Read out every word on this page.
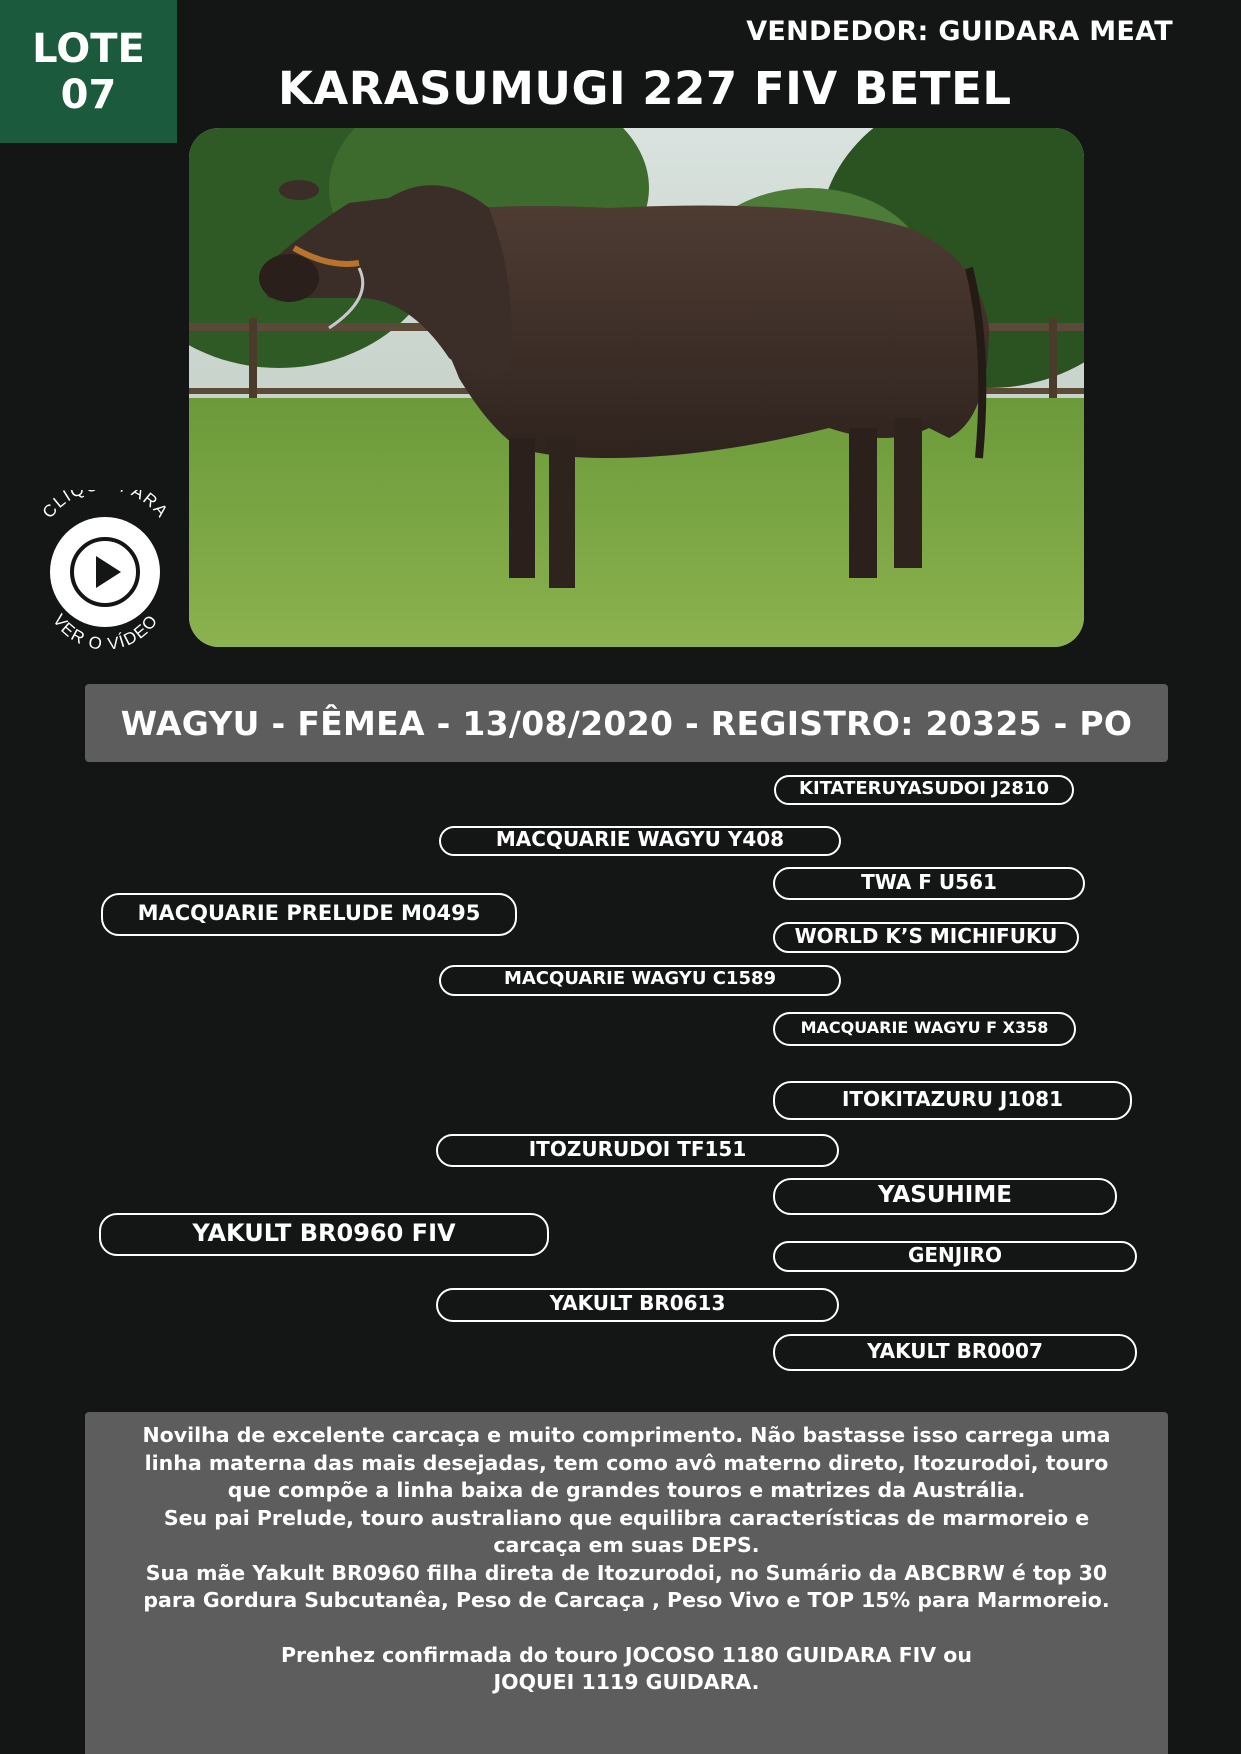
LOTE
07
VENDEDOR: GUIDARA MEAT
KARASUMUGI 227 FIV BETEL
CLIQ ARA
VER O VÍDEO
WAGYU - FÊMEA - 13/08/2020 - REGISTRO: 20325 - PO
KITATERUYASUDOI J2810
MACQUARIE WAGYU Y408
TWA F U561
MACQUARIE PRELUDE M0495
WORLD K’S MICHIFUKU
MACQUARIE WAGYU C1589
MACQUARIE WAGYU F X358
ITOKITAZURU J1081
ITOZURUDOI TF151
YASUHIME
YAKULT BR0960 FIV
GENJIRO
YAKULT BR0613
YAKULT BR0007

Novilha de excelente carcaça e muito comprimento. Não bastasse isso carrega uma

linha materna das mais desejadas, tem como avô materno direto, Itozurodoi, touro

que compõe a linha baixa de grandes touros e matrizes da Austrália.

Seu pai Prelude, touro australiano que equilibra características de marmoreio e

carcaça em suas DEPS.

Sua mãe Yakult BR0960 filha direta de Itozurodoi, no Sumário da ABCBRW é top 30

para Gordura Subcutanêa, Peso de Carcaça , Peso Vivo e TOP 15% para Marmoreio.

Prenhez confirmada do touro JOCOSO 1180 GUIDARA FIV ou

JOQUEI 1119 GUIDARA.
